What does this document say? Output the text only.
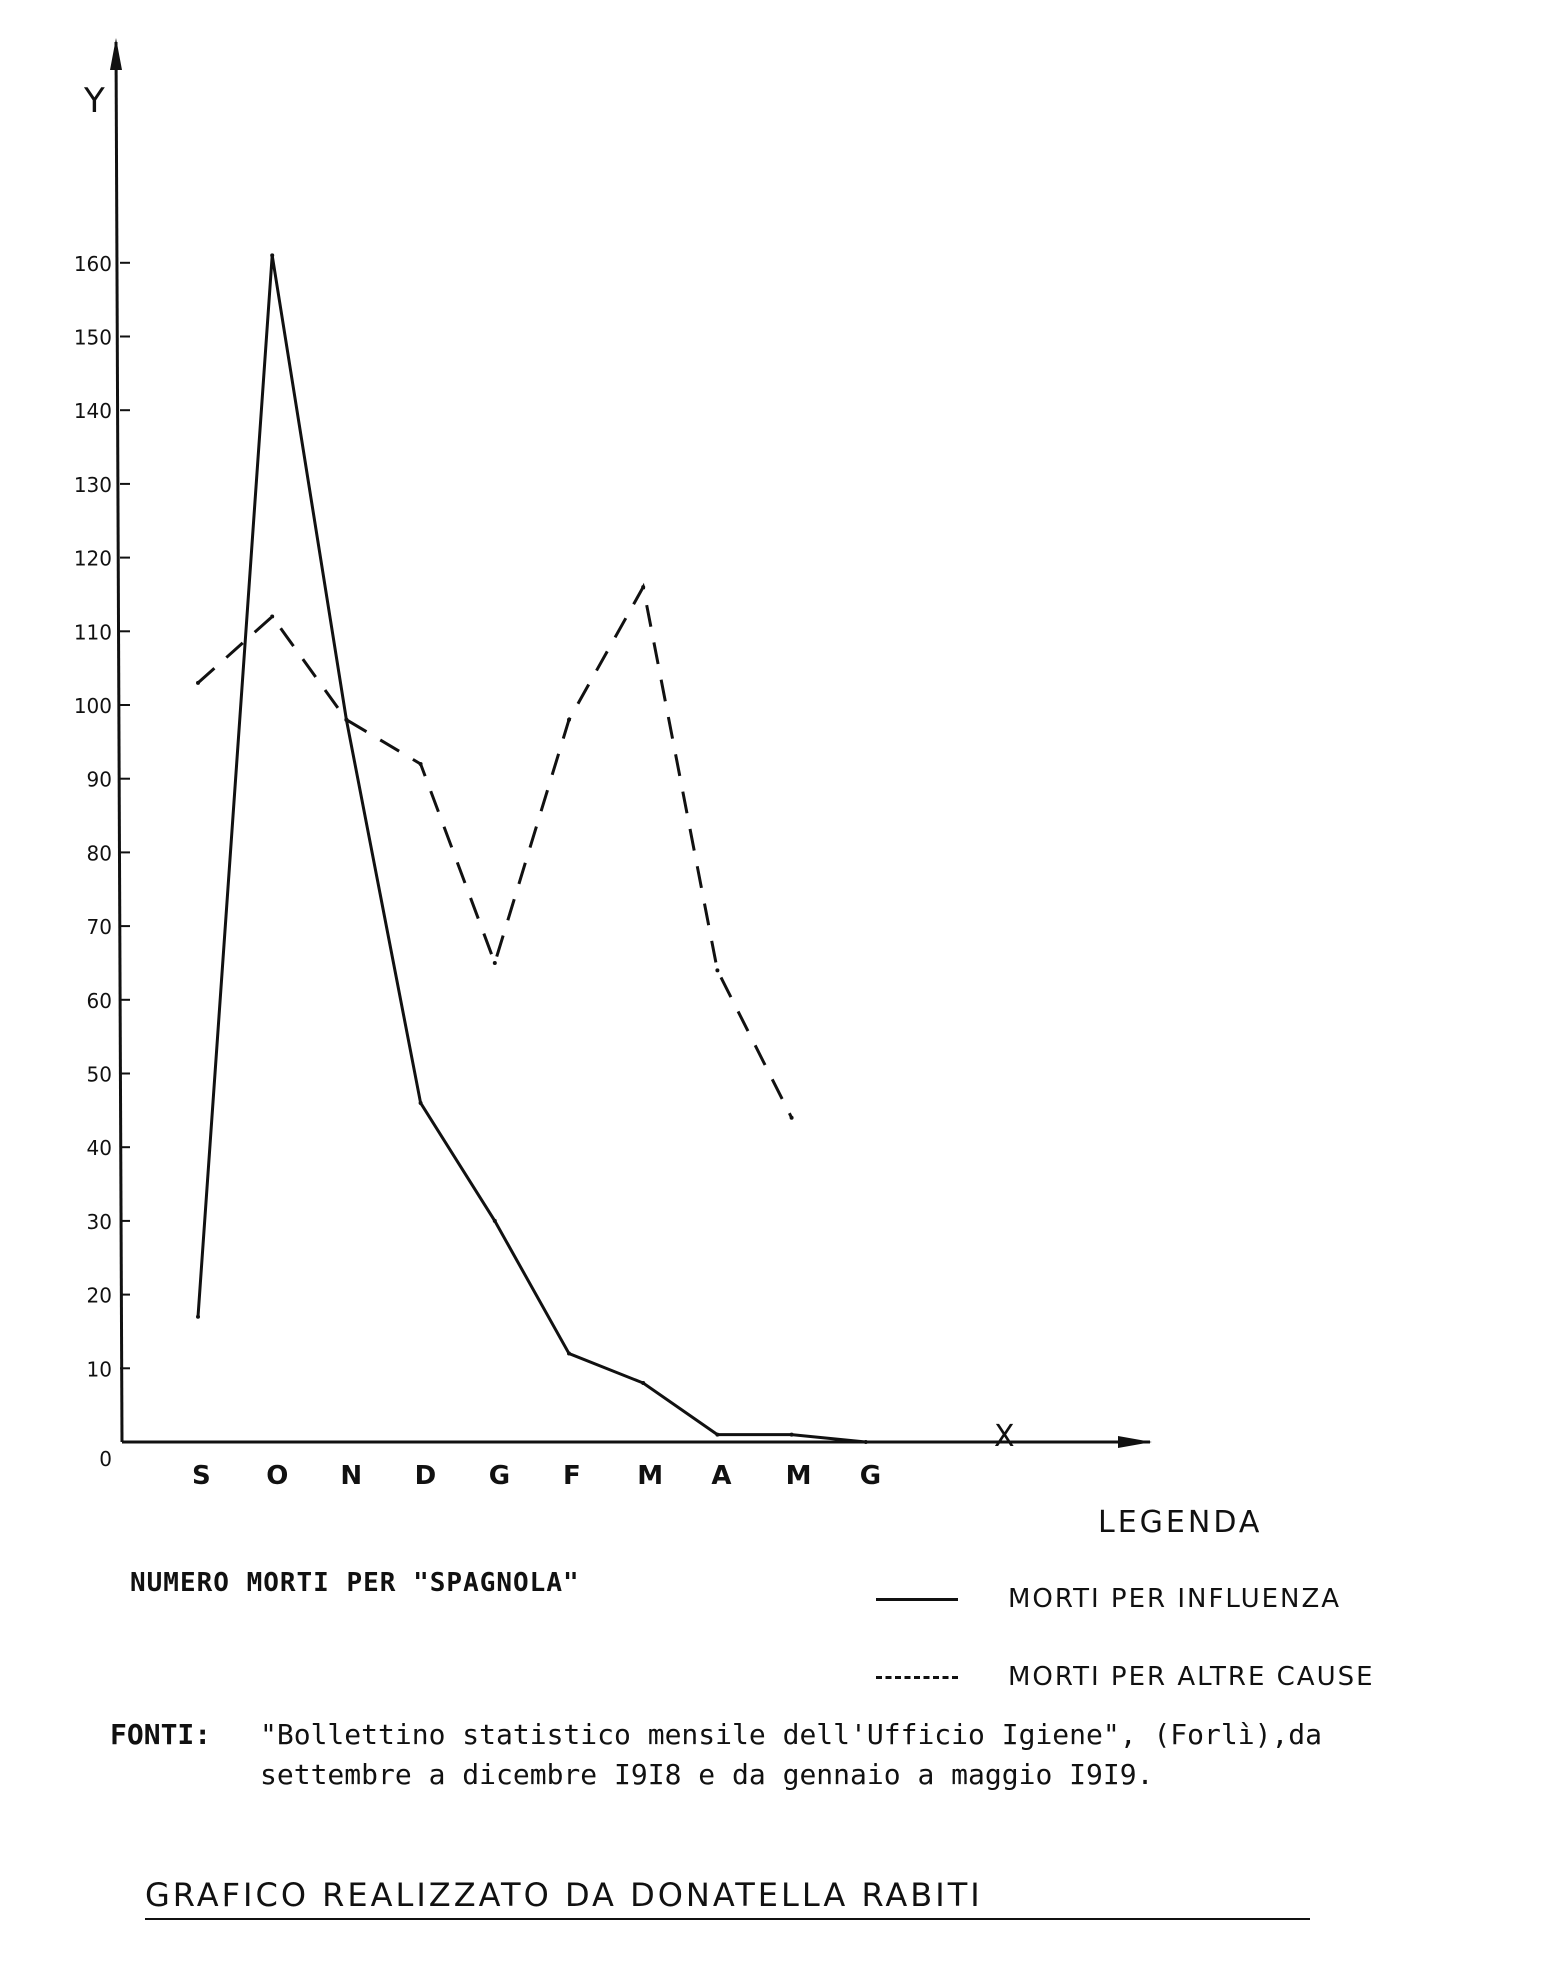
0
10
20
30
40
50
60
70
80
90
100
110
120
130
140
150
160
S O N D G F M A M G
Y
X
NUMERO MORTI PER "SPAGNOLA"
LEGENDA
MORTI PER INFLUENZA
MORTI PER ALTRE CAUSE
FONTI: "Bollettino statistico mensile dell'Ufficio Igiene", (Forlì),da settembre a dicembre I9I8 e da gennaio a maggio I9I9.
GRAFICO REALIZZATO DA DONATELLA RABITI
